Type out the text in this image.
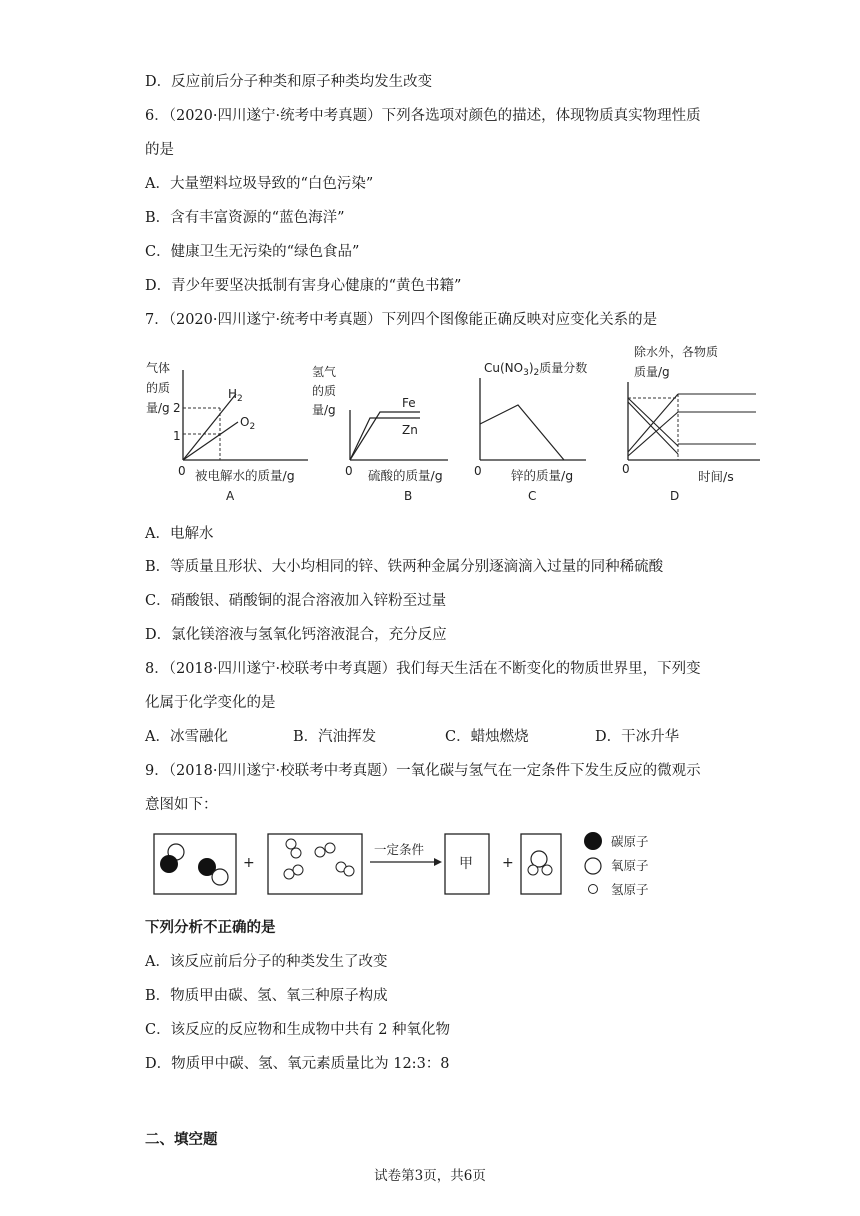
D．反应前后分子种类和原子种类均发生改变
6．（2020·四川遂宁·统考中考真题）下列各选项对颜色的描述，体现物质真实物理性质
的是
A．大量塑料垃圾导致的“白色污染”
B．含有丰富资源的“蓝色海洋”
C．健康卫生无污染的“绿色食品”
D．青少年要坚决抵制有害身心健康的“黄色书籍”
7．（2020·四川遂宁·统考中考真题）下列四个图像能正确反映对应变化关系的是
气体
的质
量/g 2
1
0
$H_2$
$O_2$
被电解水的质量/g
A
氢气
的质
量/g	Fe
Zn
0 硫酸的质量/g
B
$Cu(NO_3)_2$质量分数
0 锌的质量/g
C
除水外，各物质
质量/g
0	时间/s
D
A．电解水
B．等质量且形状、大小均相同的锌、铁两种金属分别逐滴滴入过量的同种稀硫酸
C．硝酸银、硝酸铜的混合溶液加入锌粉至过量
D．氯化镁溶液与氢氧化钙溶液混合，充分反应
8．（2018·四川遂宁·校联考中考真题）我们每天生活在不断变化的物质世界里，下列变
化属于化学变化的是
A．冰雪融化	B．汽油挥发	C．蜡烛燃烧	D．干冰升华
9．（2018·四川遂宁·校联考中考真题）一氧化碳与氢气在一定条件下发生反应的微观示
意图如下：
+
一定条件
甲 +
碳原子
氧原子
氢原子
下列分析不正确的是
A．该反应前后分子的种类发生了改变
B．物质甲由碳、氢、氧三种原子构成
C．该反应的反应物和生成物中共有 2 种氧化物
D．物质甲中碳、氢、氧元素质量比为 12:3：8
二、填空题
试卷第3页，共6页
